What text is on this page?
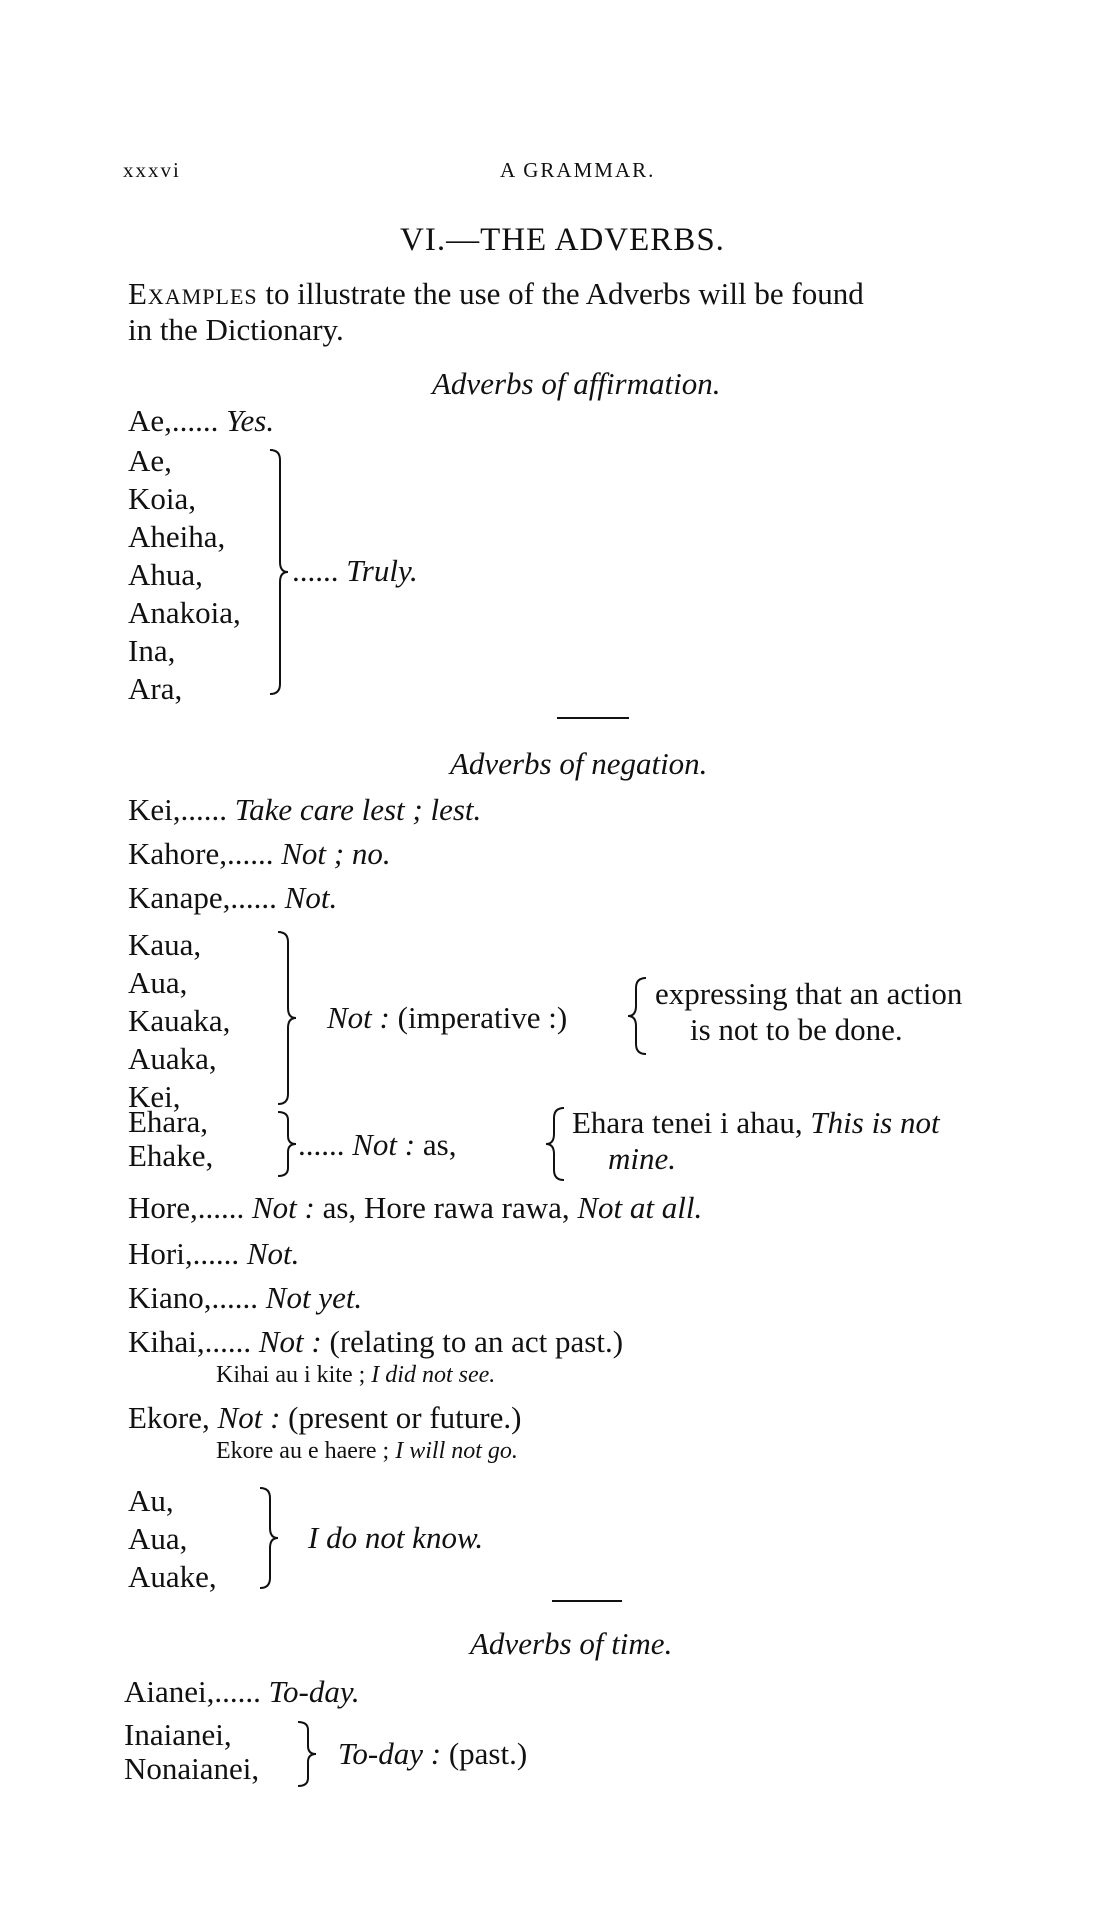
xxxvi	A GRAMMAR.
VI.—THE ADVERBS.
Examples to illustrate the use of the Adverbs will be found
in the Dictionary.
Adverbs of affirmation.
Ae,...... Yes.
Ae,
Koia,
Aheiha,
Ahua,
Anakoia,
Ina,
Ara,
...... Truly.
Adverbs of negation.
Kei,...... Take care lest ; lest.
Kahore,...... Not ; no.
Kanape,...... Not.
Kaua,
Aua,
Kauaka,
Auaka,
Kei,
Not : (imperative :)
expressing that an action
is not to be done.
Ehara,
Ehake,	...... Not : as,
Ehara tenei i ahau, This is not
mine.
Hore,...... Not : as, Hore rawa rawa, Not at all.
Hori,...... Not.
Kiano,...... Not yet.
Kihai,...... Not : (relating to an act past.)
Kihai au i kite ; I did not see.
Ekore, Not : (present or future.)
Ekore au e haere ; I will not go.
Au,
Aua,
Auake,
I do not know.
Adverbs of time.
Aianei,...... To-day.
Inaianei,
Nonaianei,	To-day : (past.)
